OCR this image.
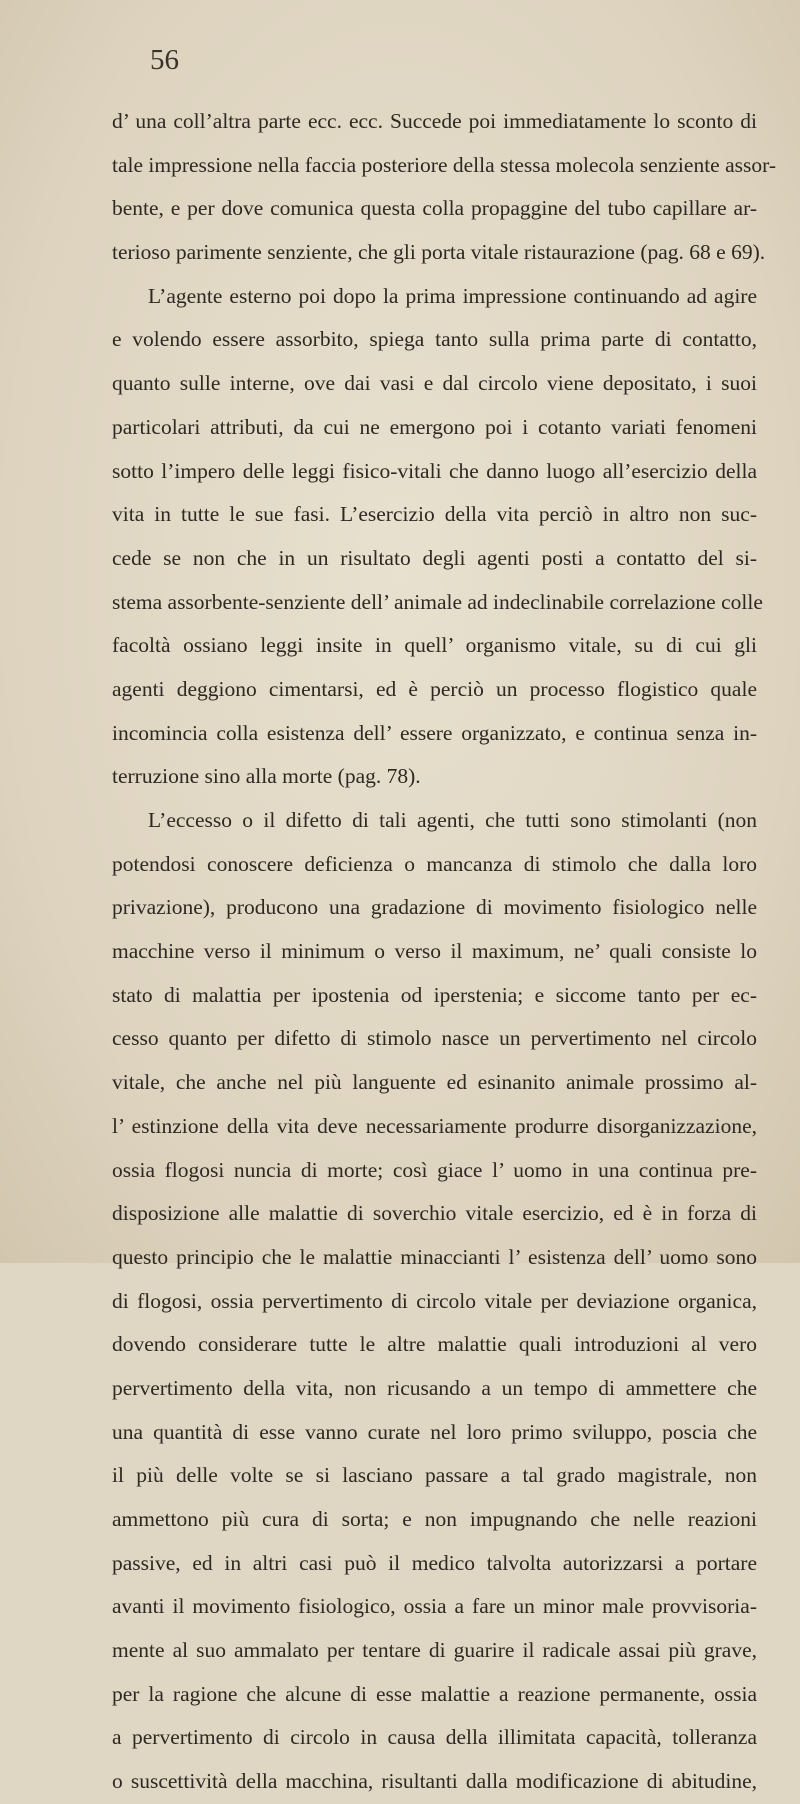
56
d’ una coll’altra parte ecc. ecc. Succede poi immediatamente lo sconto di
tale impressione nella faccia posteriore della stessa molecola senziente assor-
bente, e per dove comunica questa colla propaggine del tubo capillare ar-
terioso parimente senziente, che gli porta vitale ristaurazione (pag. 68 e 69).
L’agente esterno poi dopo la prima impressione continuando ad agire
e volendo essere assorbito, spiega tanto sulla prima parte di contatto,
quanto sulle interne, ove dai vasi e dal circolo viene depositato, i suoi
particolari attributi, da cui ne emergono poi i cotanto variati fenomeni
sotto l’impero delle leggi fisico-vitali che danno luogo all’esercizio della
vita in tutte le sue fasi. L’esercizio della vita perciò in altro non suc-
cede se non che in un risultato degli agenti posti a contatto del si-
stema assorbente-senziente dell’ animale ad indeclinabile correlazione colle
facoltà ossiano leggi insite in quell’ organismo vitale, su di cui gli
agenti deggiono cimentarsi, ed è perciò un processo flogistico quale
incomincia colla esistenza dell’ essere organizzato, e continua senza in-
terruzione sino alla morte (pag. 78).
L’eccesso o il difetto di tali agenti, che tutti sono stimolanti (non
potendosi conoscere deficienza o mancanza di stimolo che dalla loro
privazione), producono una gradazione di movimento fisiologico nelle
macchine verso il minimum o verso il maximum, ne’ quali consiste lo
stato di malattia per ipostenia od iperstenia; e siccome tanto per ec-
cesso quanto per difetto di stimolo nasce un pervertimento nel circolo
vitale, che anche nel più languente ed esinanito animale prossimo al-
l’ estinzione della vita deve necessariamente produrre disorganizzazione,
ossia flogosi nuncia di morte; così giace l’ uomo in una continua pre-
disposizione alle malattie di soverchio vitale esercizio, ed è in forza di
questo principio che le malattie minaccianti l’ esistenza dell’ uomo sono
di flogosi, ossia pervertimento di circolo vitale per deviazione organica,
dovendo considerare tutte le altre malattie quali introduzioni al vero
pervertimento della vita, non ricusando a un tempo di ammettere che
una quantità di esse vanno curate nel loro primo sviluppo, poscia che
il più delle volte se si lasciano passare a tal grado magistrale, non
ammettono più cura di sorta; e non impugnando che nelle reazioni
passive, ed in altri casi può il medico talvolta autorizzarsi a portare
avanti il movimento fisiologico, ossia a fare un minor male provvisoria-
mente al suo ammalato per tentare di guarire il radicale assai più grave,
per la ragione che alcune di esse malattie a reazione permanente, ossia
a pervertimento di circolo in causa della illimitata capacità, tolleranza
o suscettività della macchina, risultanti dalla modificazione di abitudine,
